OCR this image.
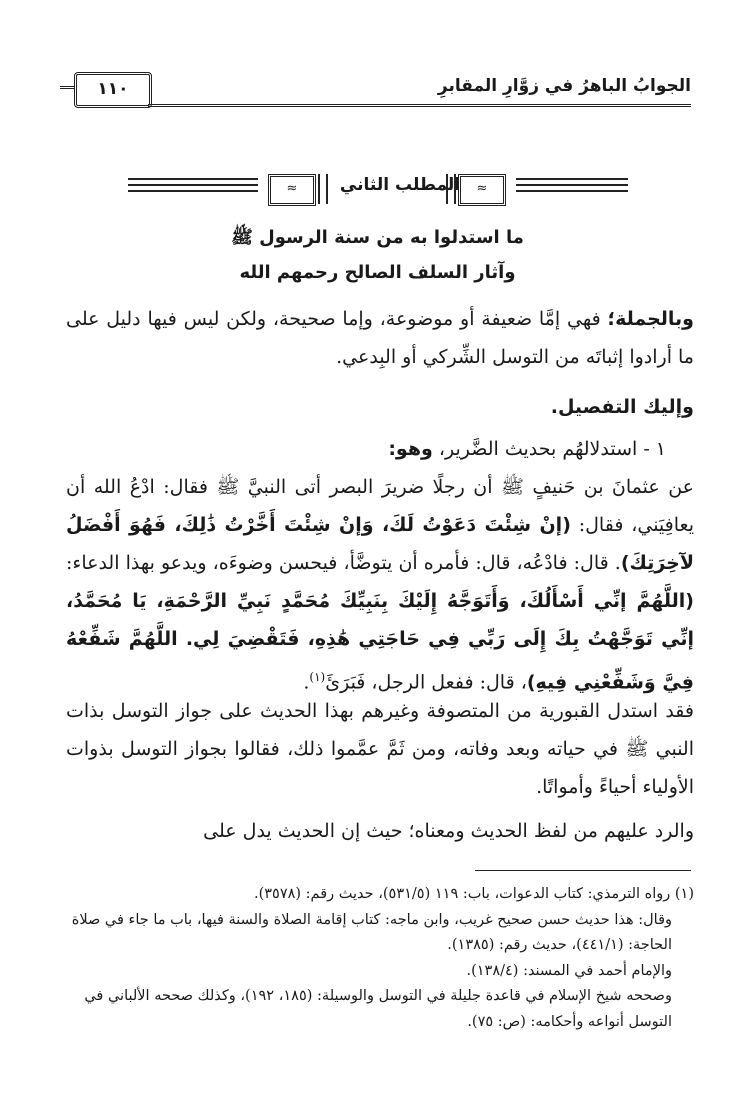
الجوابُ الباهرُ في زوَّارِ المقابرِ
١١٠
≈	المطلب الثاني	≈
ما استدلوا به من سنة الرسول ﷺ
وآثار السلف الصالح رحمهم الله
وبالجملة؛ فهي إمَّا ضعيفة أو موضوعة، وإما صحيحة، ولكن ليس فيها دليل على ما أرادوا إثباتَه من التوسل الشِّركي أو البِدعي.
وإليك التفصيل.
١ - استدلالهُم بحديث الضَّرير، وهو:
عن عثمانَ بن حَنيفٍ ﷺ أن رجلًا ضريرَ البصر أتى النبيَّ ﷺ فقال: ادْعُ الله أن يعافِيَني، فقال: (إنْ شِئْتَ دَعَوْتُ لَكَ، وَإنْ شِئْتَ أَخَّرْتُ ذَٰلِكَ، فَهُوَ أَفْضَلُ لآخِرَتِكَ). قال: فادْعُه، قال: فأمره أن يتوضَّأ، فيحسن وضوءَه، ويدعو بهذا الدعاء: (اللَّهُمَّ إنِّي أَسْأَلُكَ، وَأَتَوَجَّهُ إِلَيْكَ بِنَبِيِّكَ مُحَمَّدٍ نَبِيِّ الرَّحْمَةِ، يَا مُحَمَّدُ، إنِّي تَوَجَّهْتُ بِكَ إِلَى رَبِّي فِي حَاجَتِي هَٰذِهِ، فَتَقْضِيَ لِي. اللَّهُمَّ شَفِّعْهُ فِيَّ وَشَفِّعْنِي فِيهِ)، قال: ففعل الرجل، فَبَرَئَ$^{(١)}$.
فقد استدل القبورية من المتصوفة وغيرهم بهذا الحديث على جواز التوسل بذات النبي ﷺ في حياته وبعد وفاته، ومن ثَمَّ عمَّموا ذلك، فقالوا بجواز التوسل بذوات الأولياء أحياءً وأمواتًا.
والرد عليهم من لفظ الحديث ومعناه؛ حيث إن الحديث يدل على

(١) رواه الترمذي: كتاب الدعوات، باب: ١١٩ (٥٣١/٥)، حديث رقم: (٣٥٧٨).

وقال: هذا حديث حسن صحيح غريب، وابن ماجه: كتاب إقامة الصلاة والسنة فيها، باب ما جاء في صلاة الحاجة: (٤٤١/١)، حديث رقم: (١٣٨٥).

والإمام أحمد في المسند: (١٣٨/٤).

وصححه شيخ الإسلام في قاعدة جليلة في التوسل والوسيلة: (١٨٥، ١٩٢)، وكذلك صححه الألباني في التوسل أنواعه وأحكامه: (ص: ٧٥).
